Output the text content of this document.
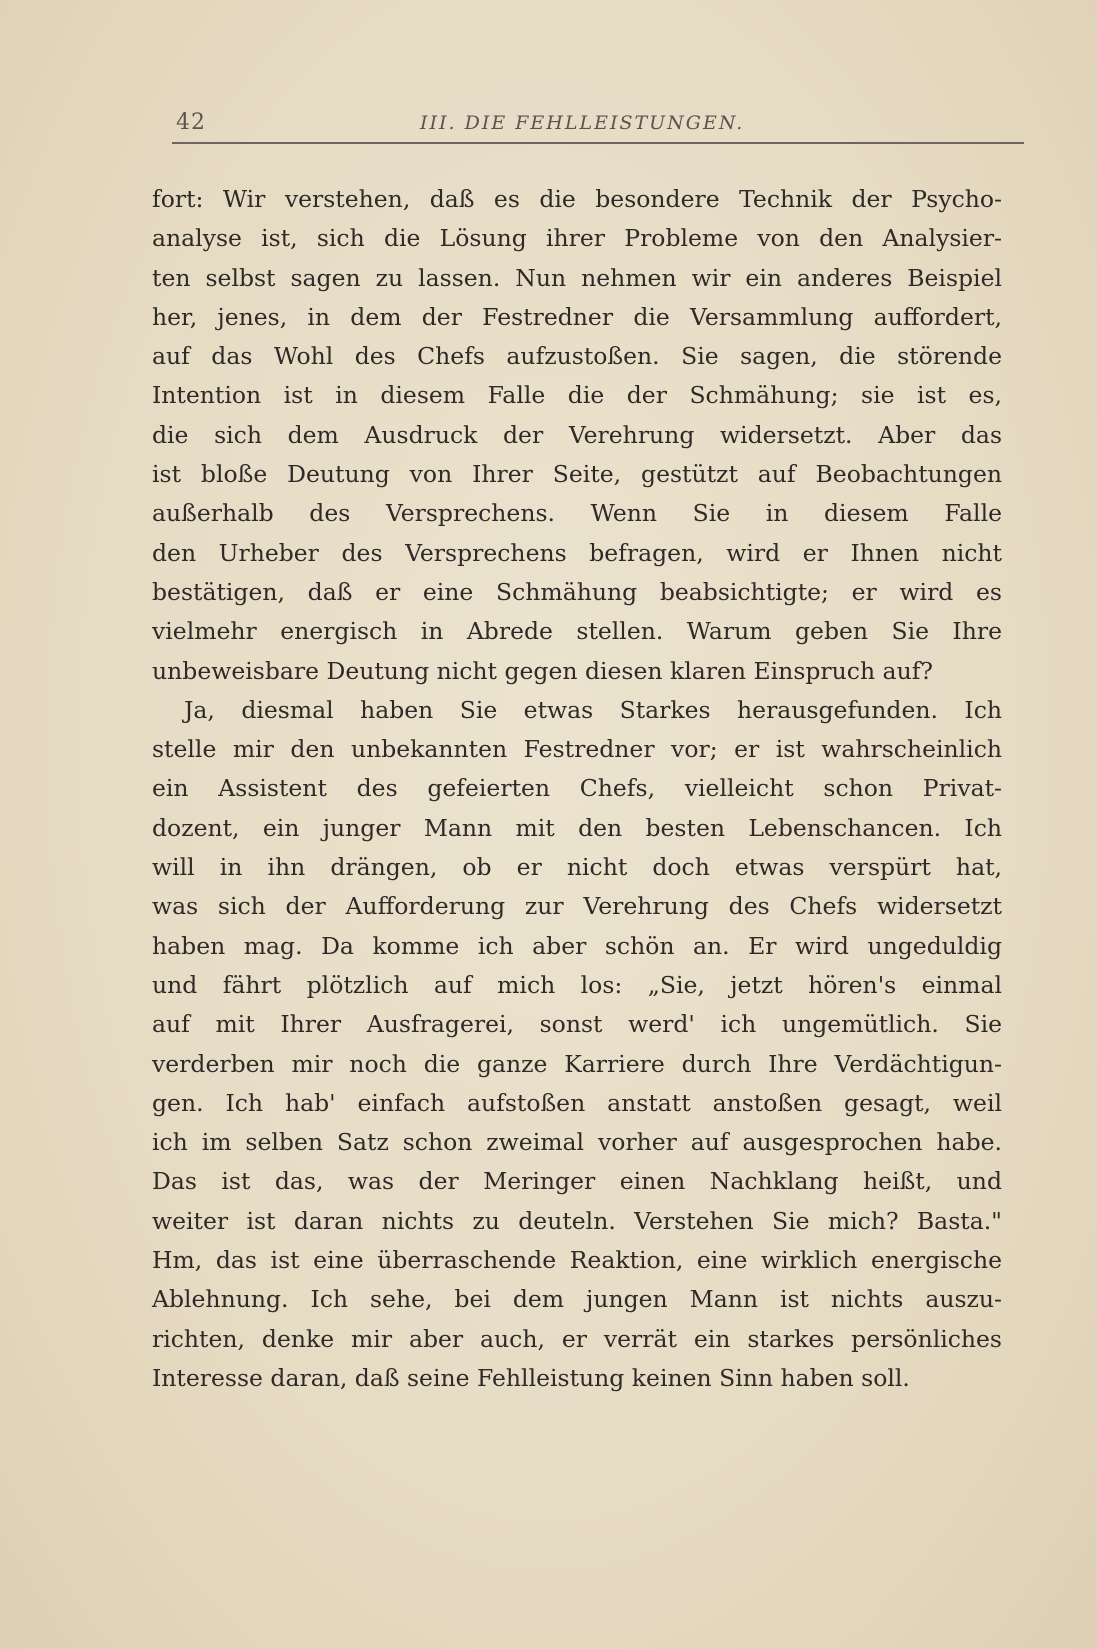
42	III. DIE FEHLLEISTUNGEN.
fort: Wir verstehen, daß es die besondere Technik der Psycho-
analyse ist, sich die Lösung ihrer Probleme von den Analysier-
ten selbst sagen zu lassen. Nun nehmen wir ein anderes Beispiel
her, jenes, in dem der Festredner die Versammlung auffordert,
auf das Wohl des Chefs aufzustoßen. Sie sagen, die störende
Intention ist in diesem Falle die der Schmähung; sie ist es,
die sich dem Ausdruck der Verehrung widersetzt. Aber das
ist bloße Deutung von Ihrer Seite, gestützt auf Beobachtungen
außerhalb des Versprechens. Wenn Sie in diesem Falle
den Urheber des Versprechens befragen, wird er Ihnen nicht
bestätigen, daß er eine Schmähung beabsichtigte; er wird es
vielmehr energisch in Abrede stellen. Warum geben Sie Ihre
unbeweisbare Deutung nicht gegen diesen klaren Einspruch auf?
Ja, diesmal haben Sie etwas Starkes herausgefunden. Ich
stelle mir den unbekannten Festredner vor; er ist wahrscheinlich
ein Assistent des gefeierten Chefs, vielleicht schon Privat-
dozent, ein junger Mann mit den besten Lebenschancen. Ich
will in ihn drängen, ob er nicht doch etwas verspürt hat,
was sich der Aufforderung zur Verehrung des Chefs widersetzt
haben mag. Da komme ich aber schön an. Er wird ungeduldig
und fährt plötzlich auf mich los: „Sie, jetzt hören's einmal
auf mit Ihrer Ausfragerei, sonst werd' ich ungemütlich. Sie
verderben mir noch die ganze Karriere durch Ihre Verdächtigun-
gen. Ich hab' einfach aufstoßen anstatt anstoßen gesagt, weil
ich im selben Satz schon zweimal vorher auf ausgesprochen habe.
Das ist das, was der Meringer einen Nachklang heißt, und
weiter ist daran nichts zu deuteln. Verstehen Sie mich? Basta."
Hm, das ist eine überraschende Reaktion, eine wirklich energische
Ablehnung. Ich sehe, bei dem jungen Mann ist nichts auszu-
richten, denke mir aber auch, er verrät ein starkes persönliches
Interesse daran, daß seine Fehlleistung keinen Sinn haben soll.
